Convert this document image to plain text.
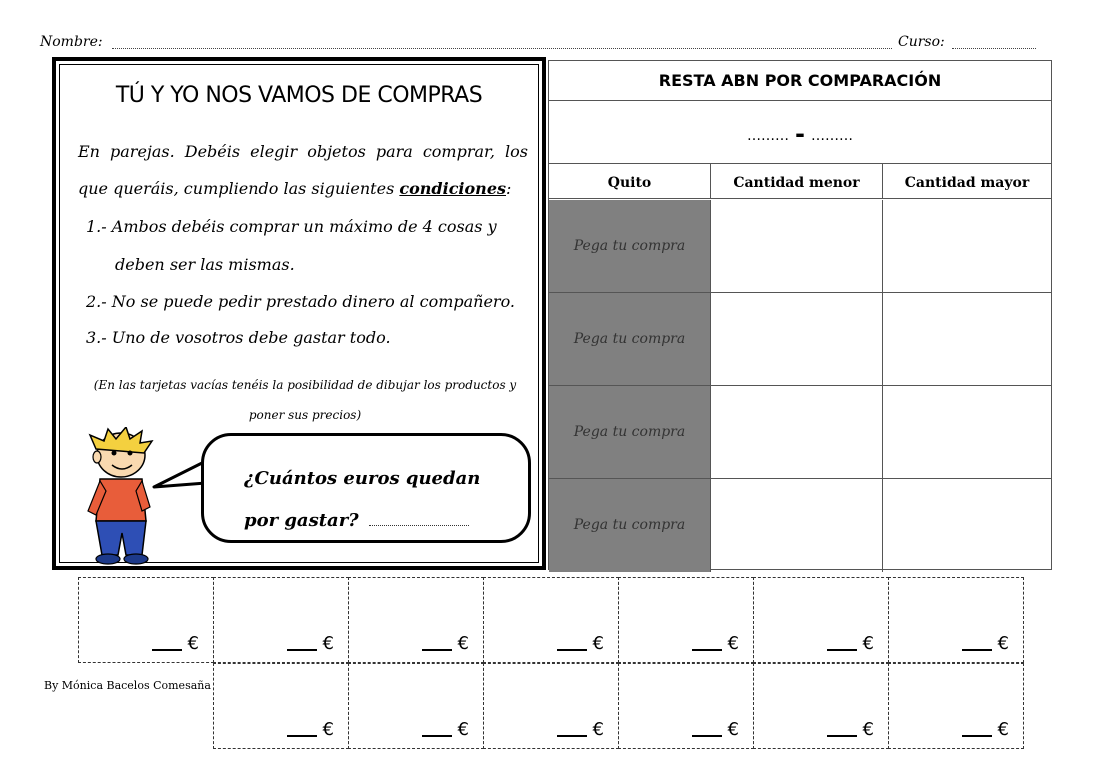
Nombre:	Curso:
TÚ Y YO NOS VAMOS DE COMPRAS
En parejas. Debéis elegir objetos para comprar, los que queráis, cumpliendo las siguientes condiciones:
1.- Ambos debéis comprar un máximo de 4 cosas y
deben ser las mismas.
2.- No se puede pedir prestado dinero al compañero.
3.- Uno de vosotros debe gastar todo.
(En las tarjetas vacías tenéis la posibilidad de dibujar los productos y poner sus precios)
¿Cuántos euros quedan
por gastar?
RESTA ABN POR COMPARACIÓN
……… - ………
Quito	Cantidad menor	Cantidad mayor
Pega tu compra
Pega tu compra
Pega tu compra
Pega tu compra
€	€	€	€	€	€	€
€	€	€	€	€	€
By Mónica Bacelos Comesaña
